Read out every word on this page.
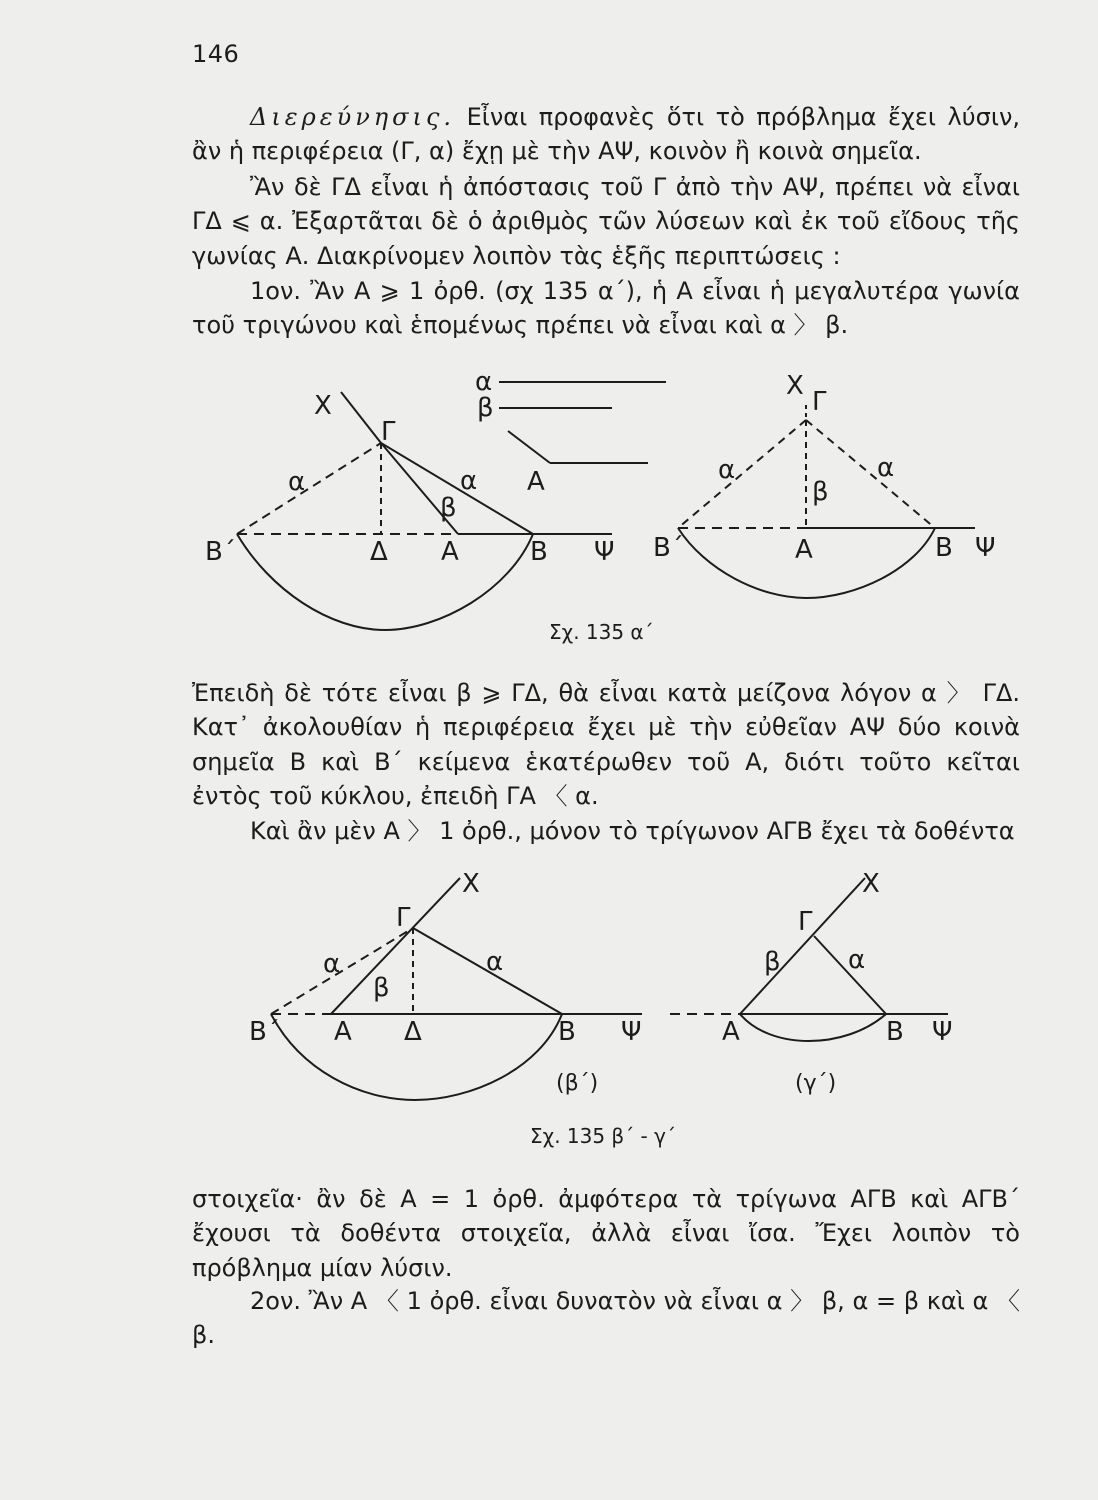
146
Διερεύνησις. Εἶναι προφανὲς ὅτι τὸ πρόβλημα ἔχει λύσιν, ἂν ἡ περιφέρεια (Γ, α) ἔχῃ μὲ τὴν ΑΨ, κοινὸν ἢ κοινὰ σημεῖα.
Ἂν δὲ ΓΔ εἶναι ἡ ἀπόστασις τοῦ Γ ἀπὸ τὴν ΑΨ, πρέπει νὰ εἶναι ΓΔ ⩽ α. Ἐξαρτᾶται δὲ ὁ ἀριθμὸς τῶν λύσεων καὶ ἐκ τοῦ εἴδους τῆς γωνίας Α. Διακρίνομεν λοιπὸν τὰς ἑξῆς περιπτώσεις :
1ον. Ἂν Α ⩾ 1 ὀρθ. (σχ 135 α΄), ἡ Α εἶναι ἡ μεγαλυτέρα γωνία τοῦ τριγώνου καὶ ἑπομένως πρέπει νὰ εἶναι καὶ α 〉 β.
Χ
Γ
α	α
β
Β΄	Δ Α	Β Ψ
α
β
Α
Χ
Γ
α	α
β
Β΄	Α	Β Ψ
Σχ. 135 α΄
Ἐπειδὴ δὲ τότε εἶναι β ⩾ ΓΔ, θὰ εἶναι κατὰ μείζονα λόγον α 〉 ΓΔ. Κατ᾿ ἀκολουθίαν ἡ περιφέρεια ἔχει μὲ τὴν εὐθεῖαν ΑΨ δύο κοινὰ σημεῖα Β καὶ Β΄ κείμενα ἑκατέρωθεν τοῦ Α, διότι τοῦτο κεῖται ἐντὸς τοῦ κύκλου, ἐπειδὴ ΓΑ 〈 α.
Καὶ ἂν μὲν Α 〉 1 ὀρθ., μόνον τὸ τρίγωνον ΑΓΒ ἔχει τὰ δοθέντα
Χ
Γ
α	α
β
Β΄ Α Δ	Β Ψ
(β΄)
Χ
Γ
β	α
Α	Β Ψ
(γ΄)
Σχ. 135 β΄ - γ΄
στοιχεῖα· ἂν δὲ Α = 1 ὀρθ. ἀμφότερα τὰ τρίγωνα ΑΓΒ καὶ ΑΓΒ΄ ἔχουσι τὰ δοθέντα στοιχεῖα, ἀλλὰ εἶναι ἴσα. Ἔχει λοιπὸν τὸ πρόβλημα μίαν λύσιν.
2ον. Ἂν Α 〈 1 ὀρθ. εἶναι δυνατὸν νὰ εἶναι α 〉 β, α = β καὶ α 〈 β.
